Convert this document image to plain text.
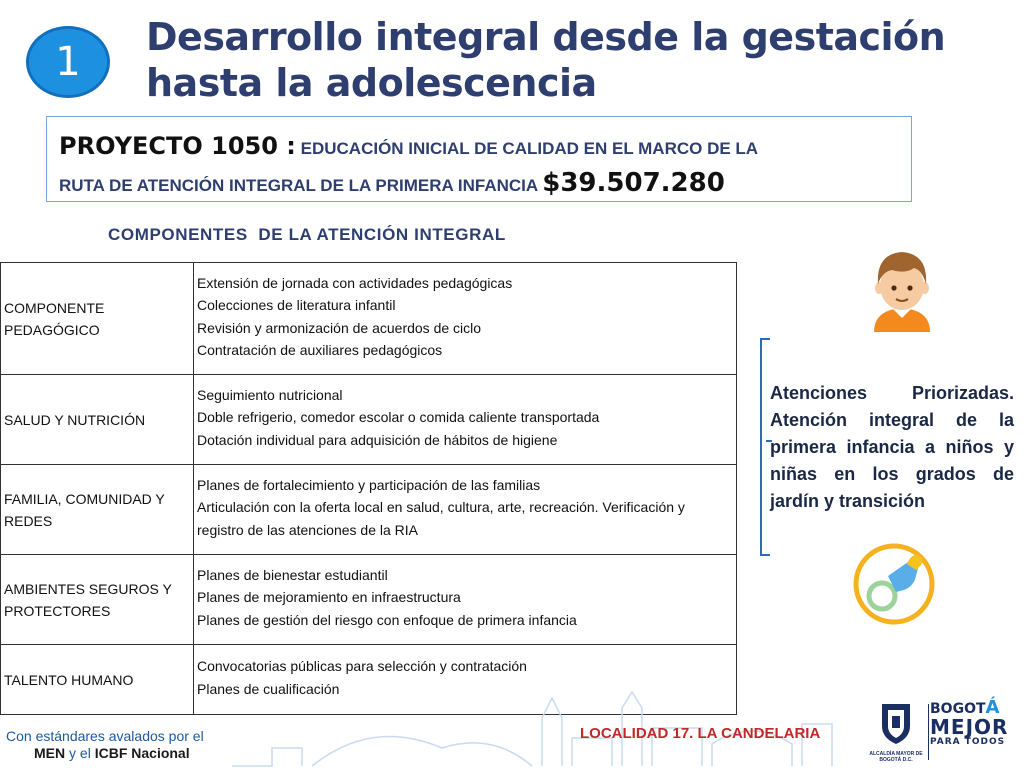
1
Desarrollo integral desde la gestación
hasta la adolescencia
PROYECTO 1050 : EDUCACIÓN INICIAL DE CALIDAD EN EL MARCO DE LA
RUTA DE ATENCIÓN INTEGRAL DE LA PRIMERA INFANCIA $39.507.280
COMPONENTES  DE LA ATENCIÓN INTEGRAL
COMPONENTE PEDAGÓGICO	Extensión de jornada con actividades pedagógicas
Colecciones de literatura infantil
Revisión y armonización de acuerdos de ciclo
Contratación de auxiliares pedagógicos

SALUD Y NUTRICIÓN	Seguimiento nutricional
Doble refrigerio, comedor escolar o comida caliente transportada
Dotación individual para adquisición de hábitos de higiene

FAMILIA, COMUNIDAD Y REDES	Planes de fortalecimiento y participación de las familias
Articulación con la oferta local en salud, cultura, arte, recreación. Verificación y registro de las atenciones de la RIA

AMBIENTES SEGUROS Y PROTECTORES	Planes de bienestar estudiantil
Planes de mejoramiento en infraestructura
Planes de gestión del riesgo con enfoque de primera infancia

TALENTO HUMANO	Convocatorias públicas para selección y contratación
Planes de cualificación
Atenciones Priorizadas. Atención integral de la primera infancia a niños y niñas en los grados de jardín y transición
Con estándares avalados por el
MEN y el ICBF Nacional
LOCALIDAD 17. LA CANDELARIA
ALCALDÍA MAYOR DE BOGOTÁ D.C.
BOGOTÁ
MEJOR
PARA TODOS
